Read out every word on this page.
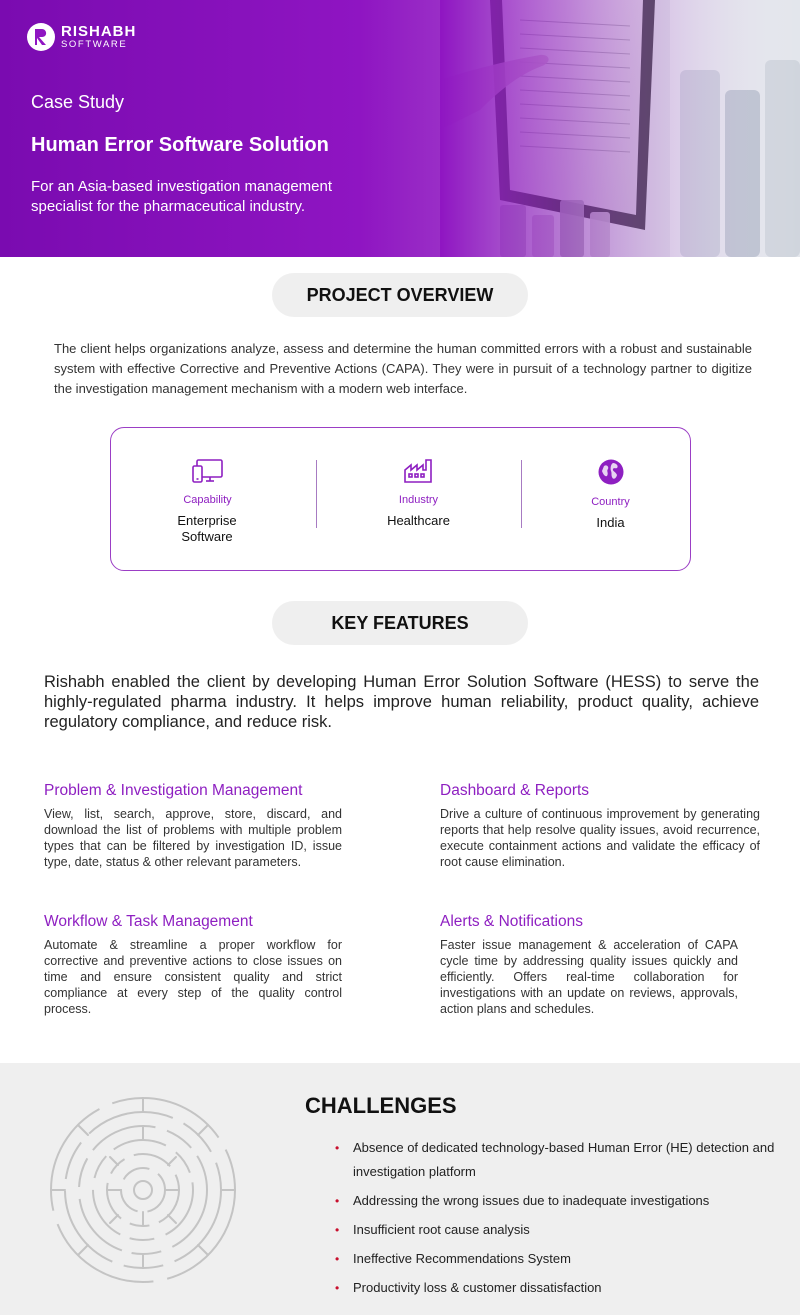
RISHABH
SOFTWARE
Case Study
Human Error Software Solution

For an Asia-based investigation management specialist for the pharmaceutical industry.

PROJECT OVERVIEW

The client helps organizations analyze, assess and determine the human committed errors with a robust and sustainable system with effective Corrective and Preventive Actions (CAPA). They were in pursuit of a technology partner to digitize the investigation management mechanism with a modern web interface.

Capability
Enterprise Software
Industry
Healthcare
Country
India
KEY FEATURES

Rishabh enabled the client by developing Human Error Solution Software (HESS) to serve the highly-regulated pharma industry. It helps improve human reliability, product quality, achieve regulatory compliance, and reduce risk.

Problem & Investigation Management

View, list, search, approve, store, discard, and download the list of problems with multiple problem types that can be filtered by investigation ID, issue type, date, status & other relevant parameters.

Dashboard & Reports

Drive a culture of continuous improvement by generating reports that help resolve quality issues, avoid recurrence, execute containment actions and validate the efficacy of root cause elimination.

Workflow & Task Management

Automate & streamline a proper workflow for corrective and preventive actions to close issues on time and ensure consistent quality and strict compliance at every step of the quality control process.

Alerts & Notifications

Faster issue management & acceleration of CAPA cycle time by addressing quality issues quickly and efficiently. Offers real-time collaboration for investigations with an update on reviews, approvals, action plans and schedules.

CHALLENGES
• Absence of dedicated technology-based Human Error (HE) detection and investigation platform
• Addressing the wrong issues due to inadequate investigations
• Insufficient root cause analysis
• Ineffective Recommendations System
• Productivity loss & customer dissatisfaction
